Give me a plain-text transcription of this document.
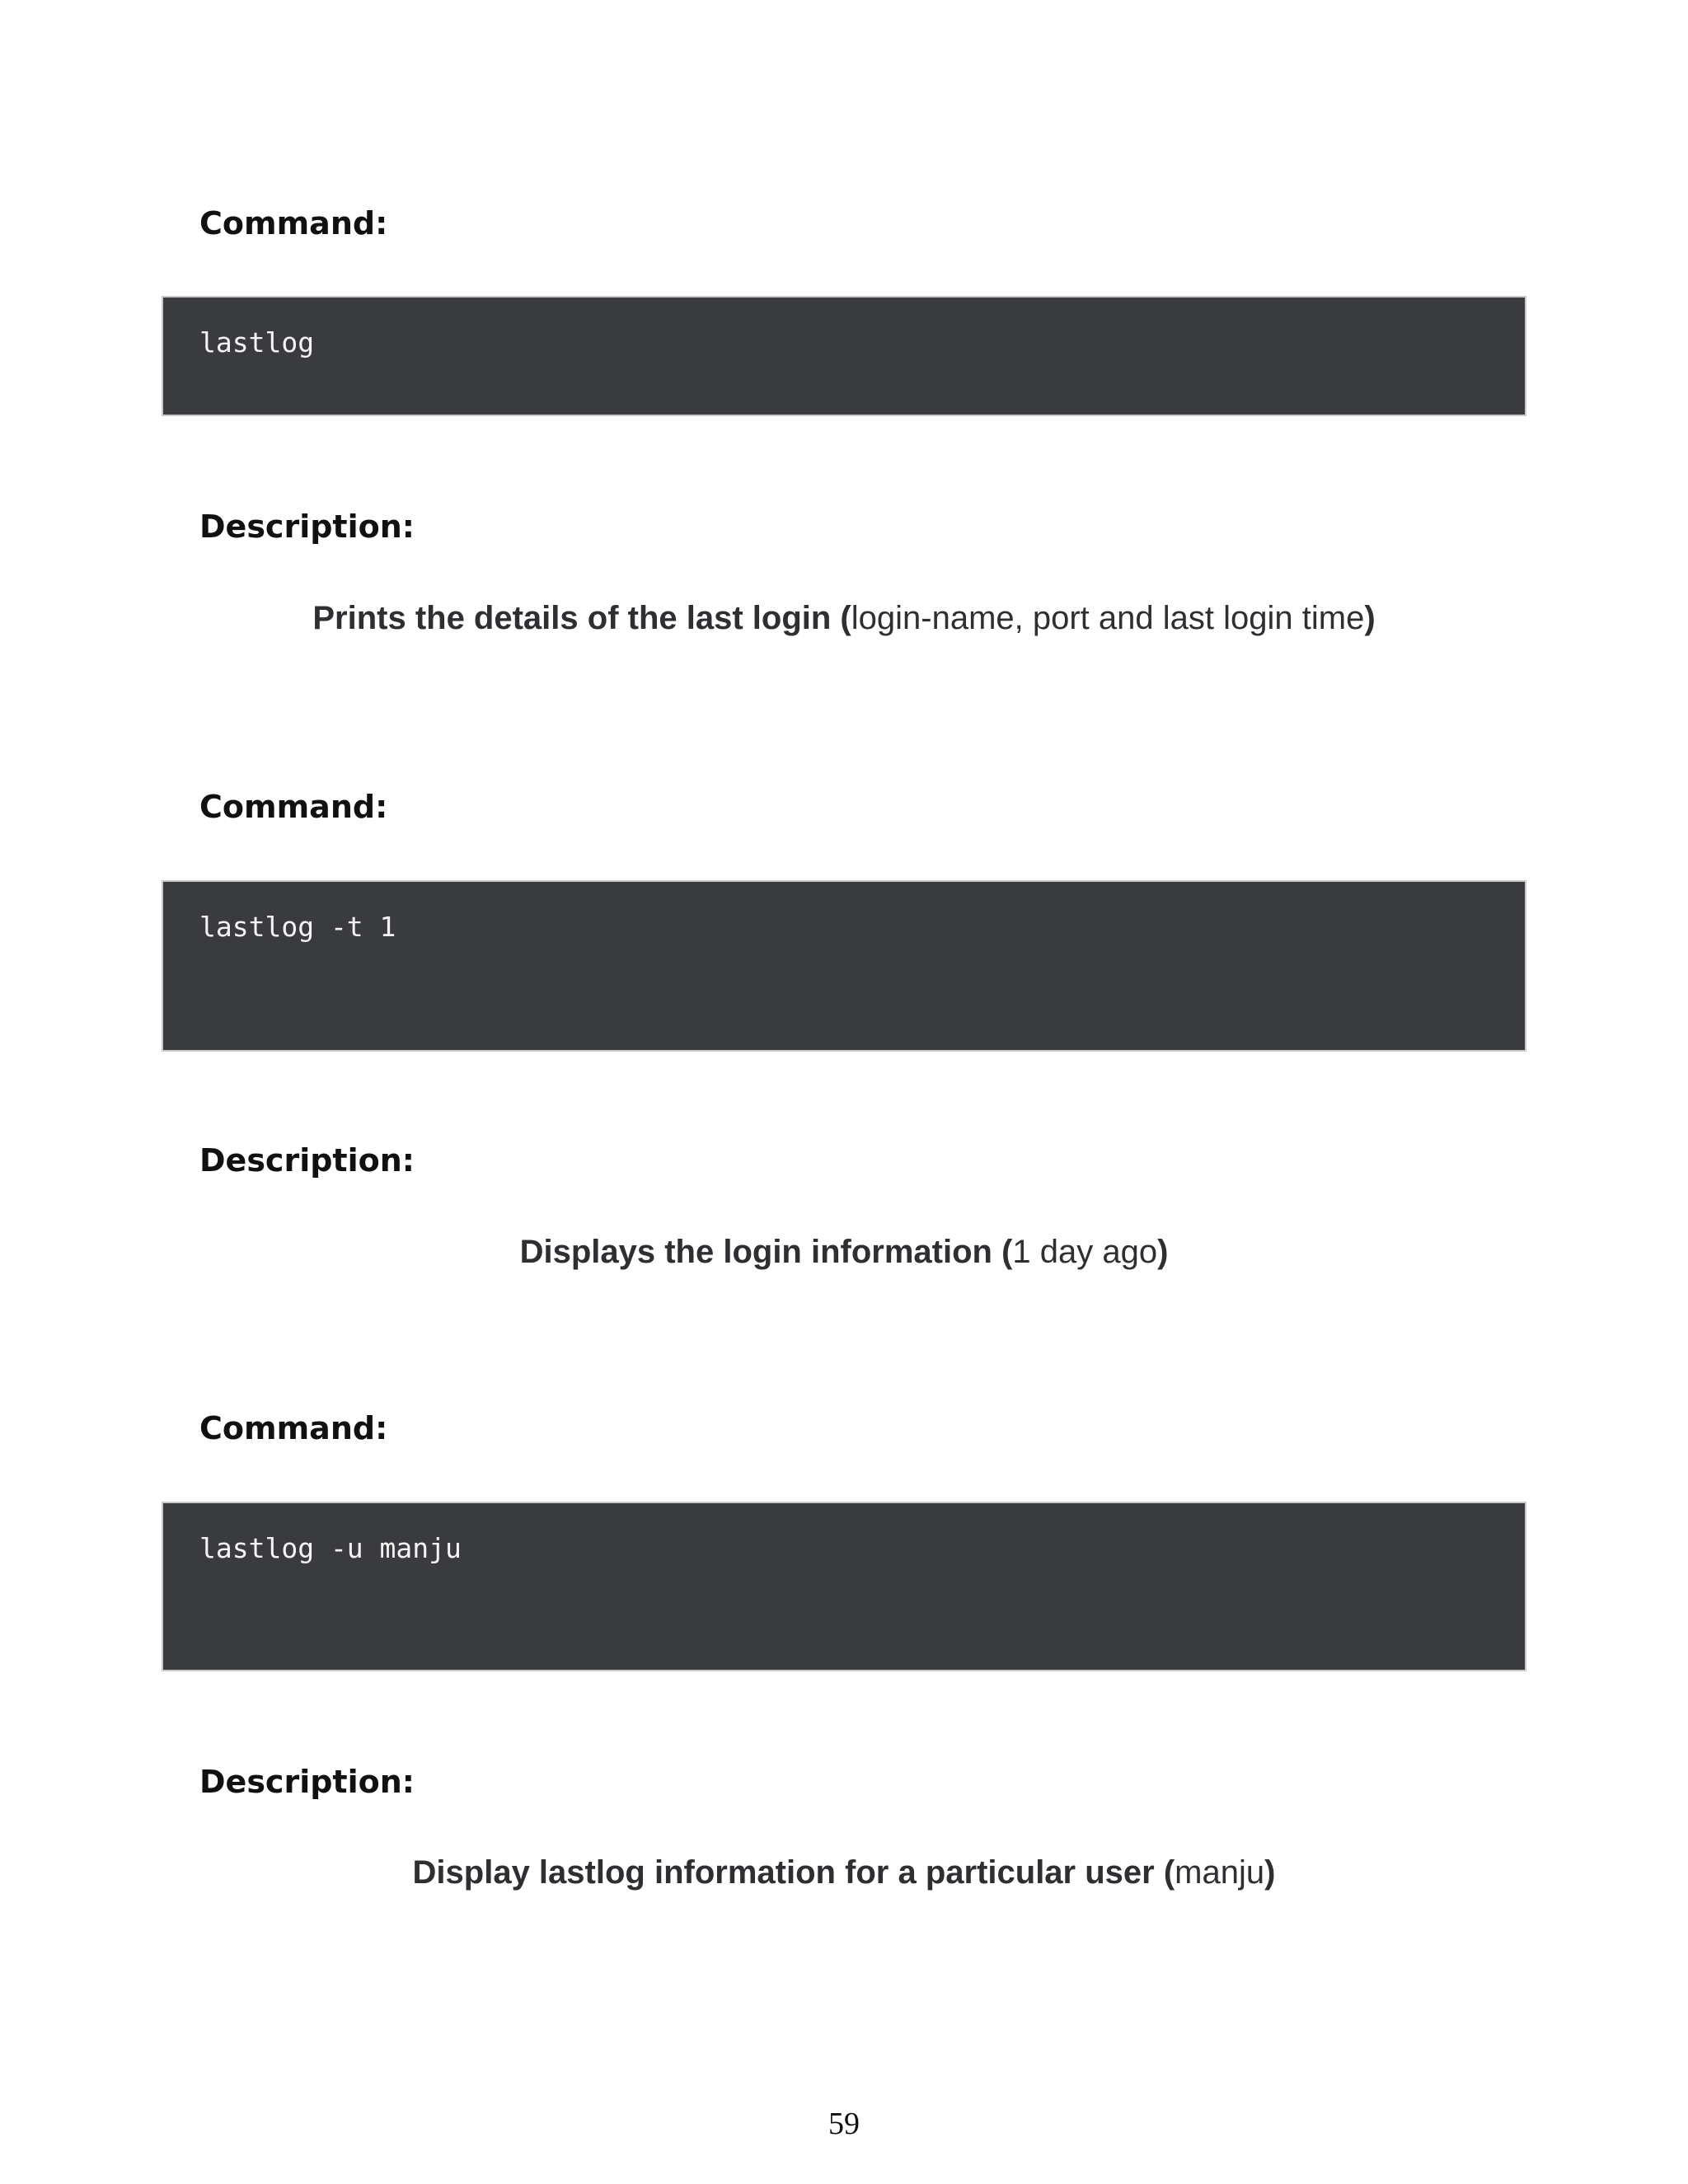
Command:
lastlog
Description:

Prints the details of the last login (login-name, port and last login time)

Command:
lastlog -t 1
Description:

Displays the login information (1 day ago)

Command:
lastlog -u manju
Description:

Display lastlog information for a particular user (manju)

59
